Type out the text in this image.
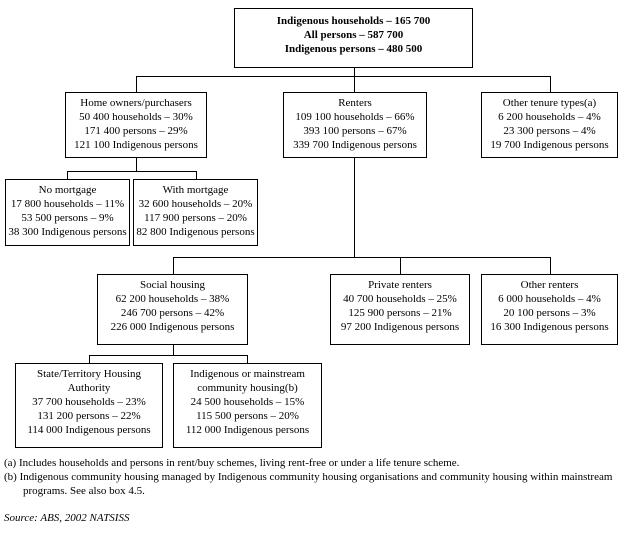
Indigenous households – 165 700
All persons – 587 700
Indigenous persons – 480 500
Home owners/purchasers
50 400 households – 30%
171 400 persons – 29%
121 100 Indigenous persons
Renters
109 100 households – 66%
393 100 persons – 67%
339 700 Indigenous persons
Other tenure types(a)
6 200 households – 4%
23 300 persons – 4%
19 700 Indigenous persons
No mortgage
17 800 households – 11%
53 500 persons – 9%
38 300 Indigenous persons
With mortgage
32 600 households – 20%
117 900 persons – 20%
82 800 Indigenous persons
Social housing
62 200 households – 38%
246 700 persons – 42%
226 000 Indigenous persons
Private renters
40 700 households – 25%
125 900 persons – 21%
97 200 Indigenous persons
Other renters
6 000 households – 4%
20 100 persons – 3%
16 300 Indigenous persons
State/Territory Housing
Authority
37 700 households – 23%
131 200 persons – 22%
114 000 Indigenous persons
Indigenous or mainstream
community housing(b)
24 500 households – 15%
115 500 persons – 20%
112 000 Indigenous persons
(a) Includes households and persons in rent/buy schemes, living rent-free or under a life tenure scheme.
(b) Indigenous community housing managed by Indigenous community housing organisations and community housing within mainstream programs. See also box 4.5.
Source: ABS, 2002 NATSISS
